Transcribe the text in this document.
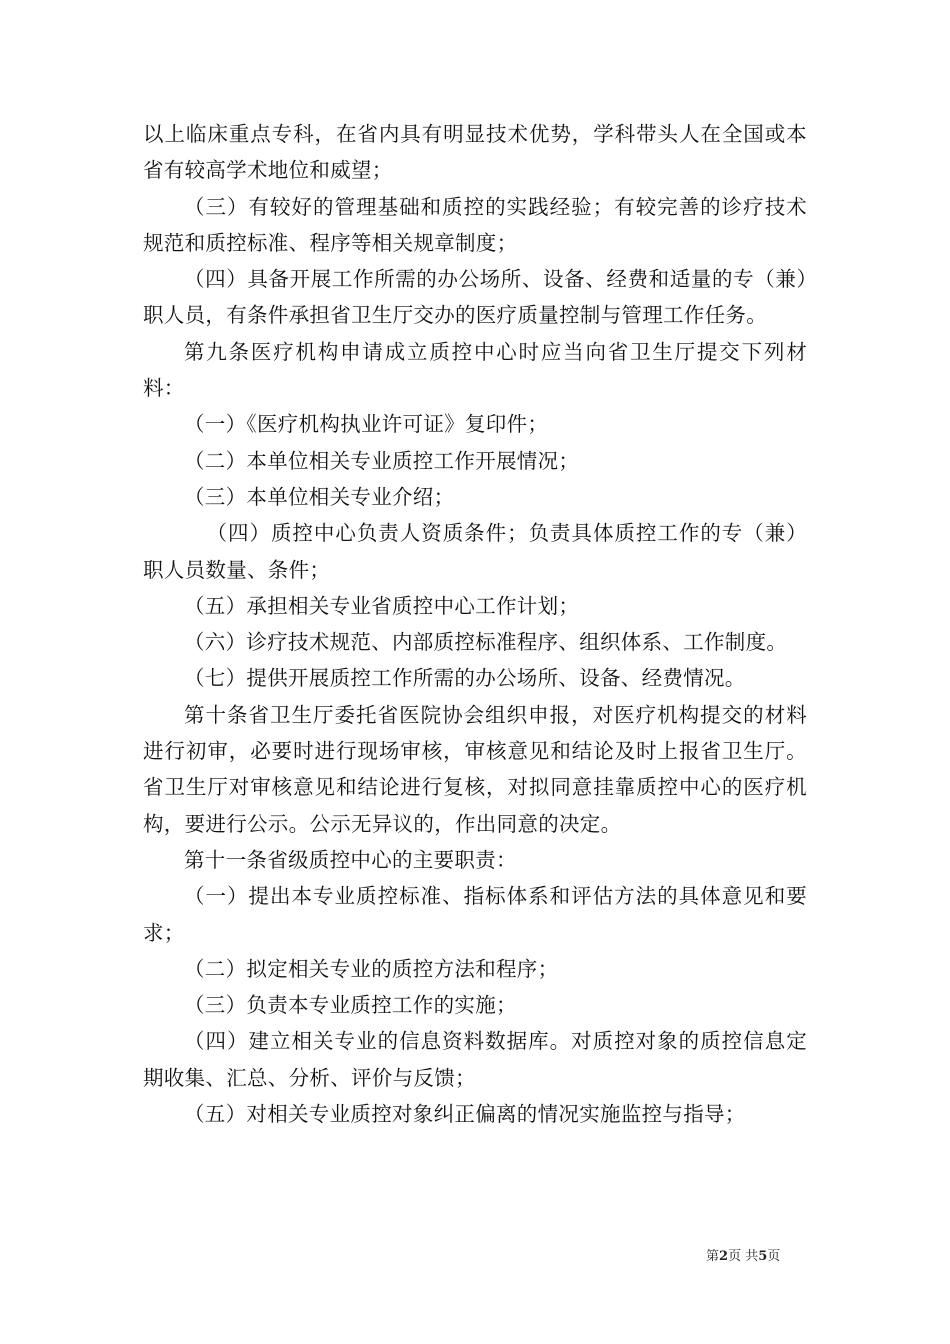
以上临床重点专科，在省内具有明显技术优势，学科带头人在全国或本省有较高学术地位和威望；

（三）有较好的管理基础和质控的实践经验；有较完善的诊疗技术规范和质控标准、程序等相关规章制度；

（四）具备开展工作所需的办公场所、设备、经费和适量的专（兼）职人员，有条件承担省卫生厅交办的医疗质量控制与管理工作任务。

第九条医疗机构申请成立质控中心时应当向省卫生厅提交下列材料：

（一）《医疗机构执业许可证》复印件；

（二）本单位相关专业质控工作开展情况；

（三）本单位相关专业介绍；

（四）质控中心负责人资质条件；负责具体质控工作的专（兼）职人员数量、条件；

（五）承担相关专业省质控中心工作计划；

（六）诊疗技术规范、内部质控标准程序、组织体系、工作制度。

（七）提供开展质控工作所需的办公场所、设备、经费情况。

第十条省卫生厅委托省医院协会组织申报，对医疗机构提交的材料进行初审，必要时进行现场审核，审核意见和结论及时上报省卫生厅。省卫生厅对审核意见和结论进行复核，对拟同意挂靠质控中心的医疗机构，要进行公示。公示无异议的，作出同意的决定。

第十一条省级质控中心的主要职责：

（一）提出本专业质控标准、指标体系和评估方法的具体意见和要求；

（二）拟定相关专业的质控方法和程序；

（三）负责本专业质控工作的实施；

（四）建立相关专业的信息资料数据库。对质控对象的质控信息定期收集、汇总、分析、评价与反馈；

（五）对相关专业质控对象纠正偏离的情况实施监控与指导；

第2页 共5页
